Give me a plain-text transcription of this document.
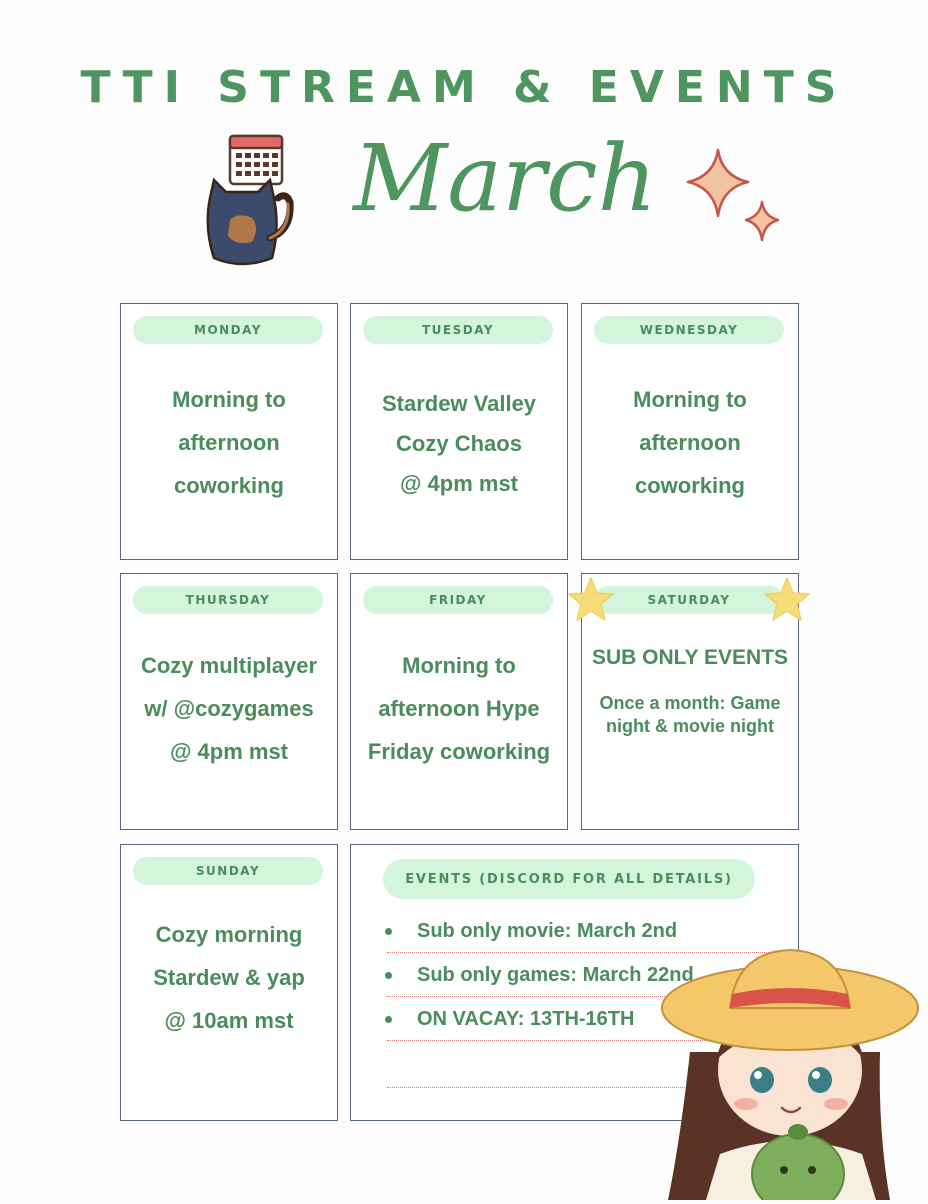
TTI STREAM & EVENTS
March
MONDAY
Morning to
afternoon
coworking
TUESDAY
Stardew Valley
Cozy Chaos
@ 4pm mst
WEDNESDAY
Morning to
afternoon
coworking
THURSDAY
Cozy multiplayer
w/ @cozygames
@ 4pm mst
FRIDAY
Morning to
afternoon Hype
Friday coworking
SATURDAY
SUB ONLY EVENTS
Once a month: Game
night & movie night
SUNDAY
Cozy morning
Stardew & yap
@ 10am mst
EVENTS (DISCORD FOR ALL DETAILS)
Sub only movie: March 2nd
Sub only games: March 22nd
ON VACAY: 13TH-16TH
